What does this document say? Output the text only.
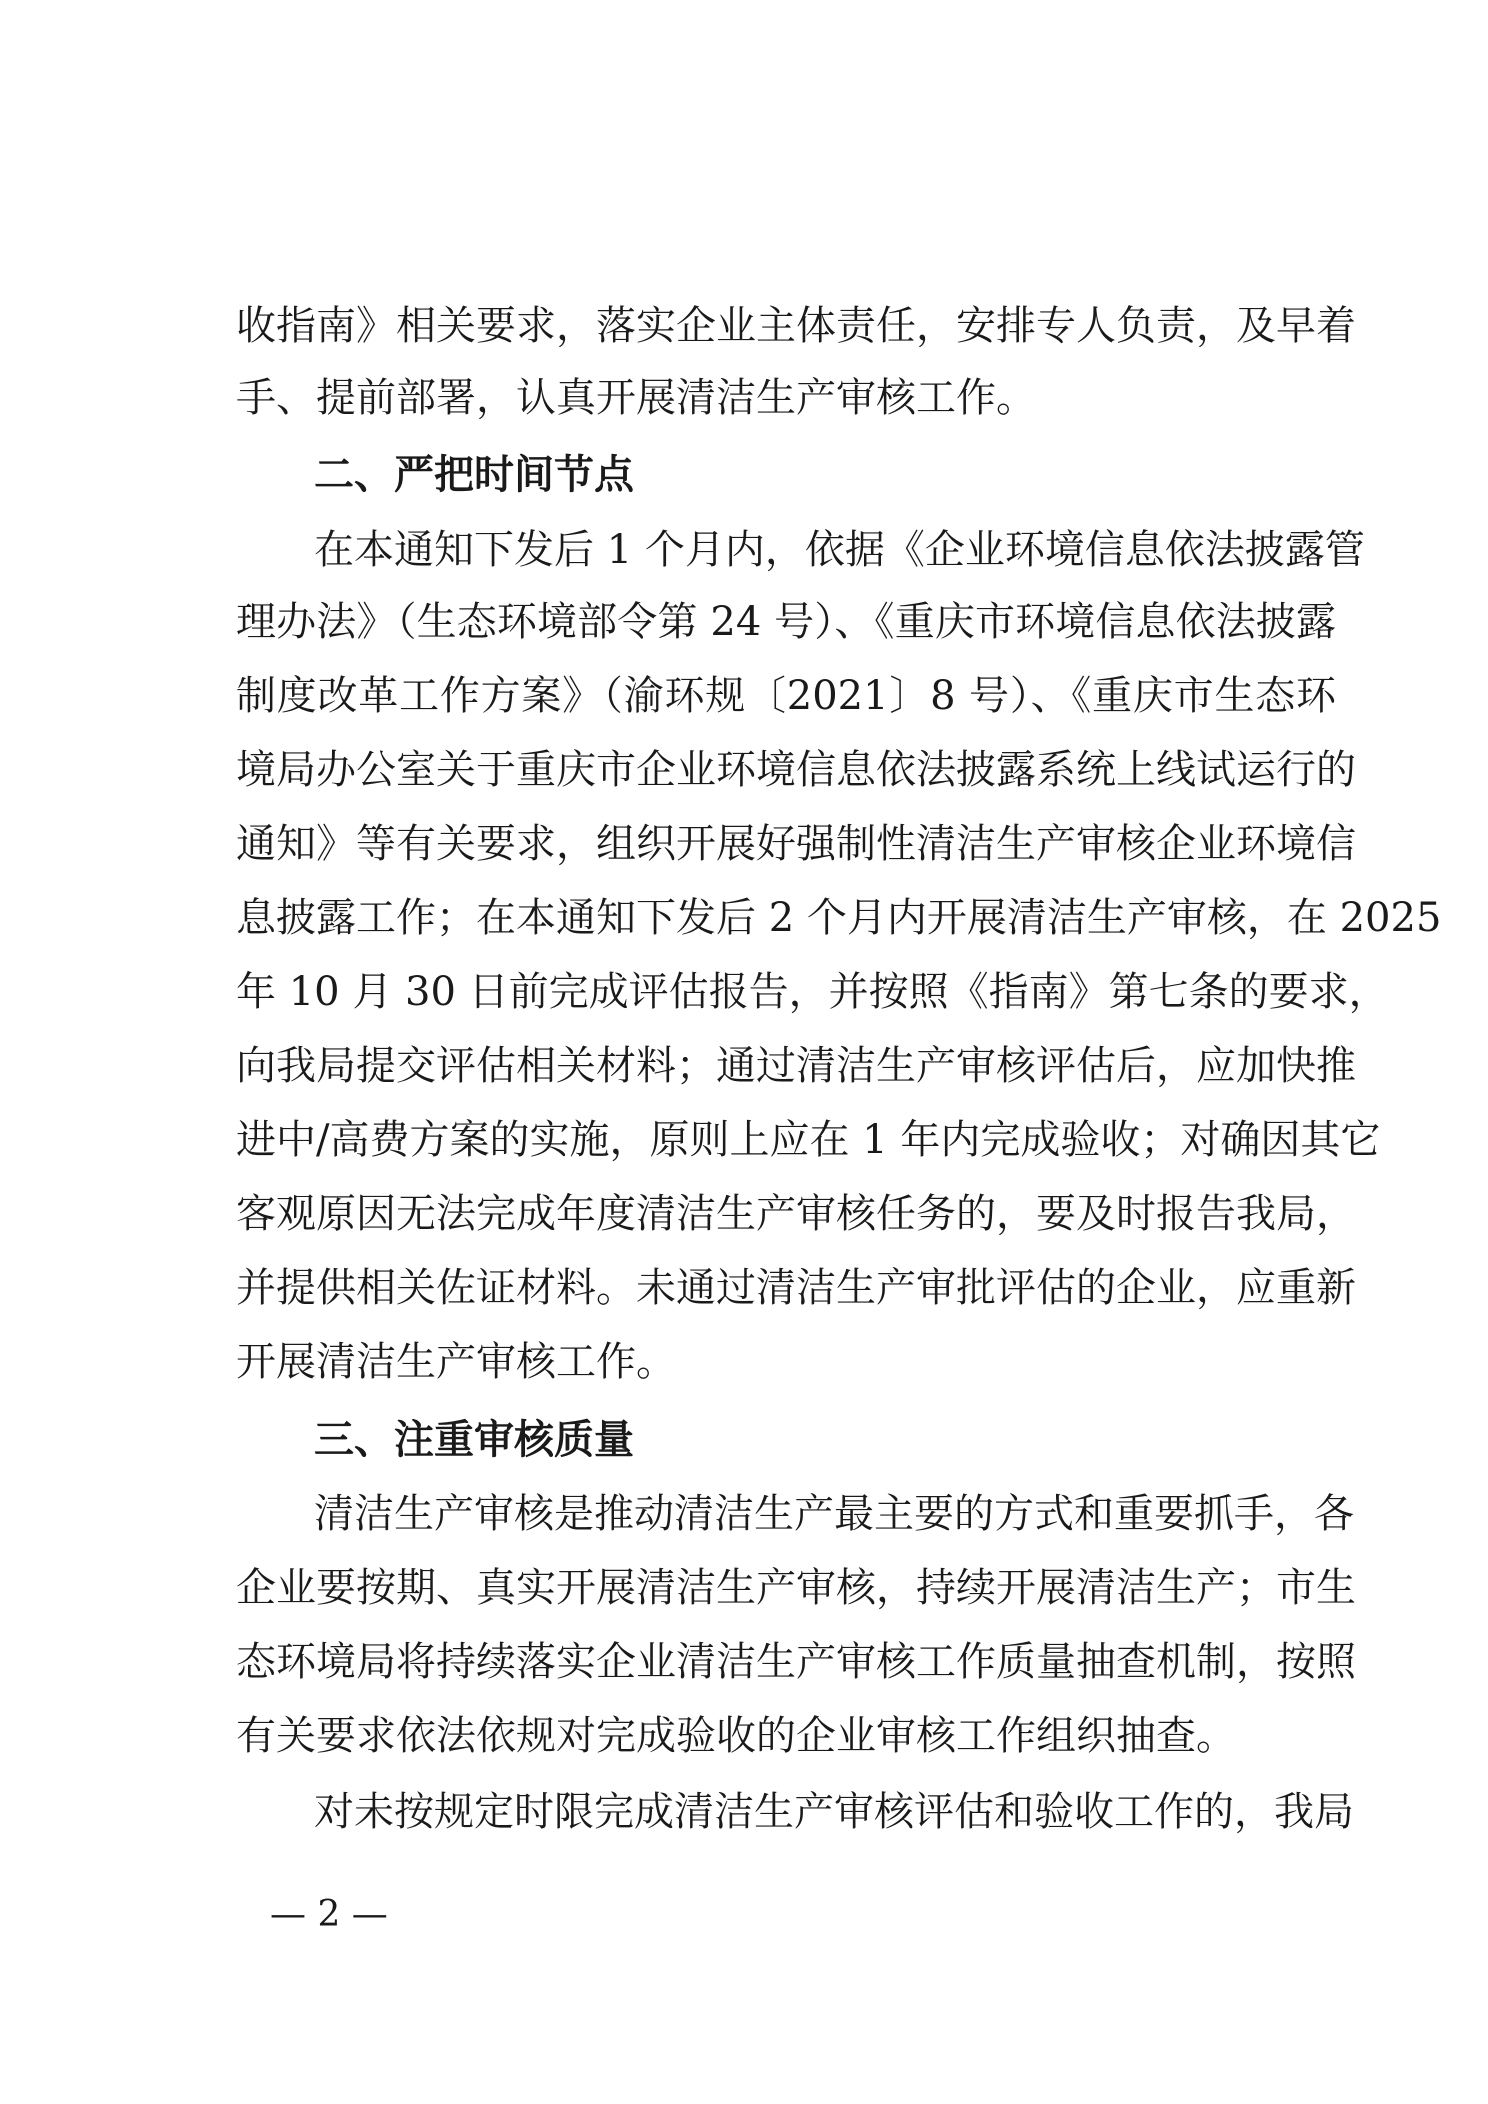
收指南》相关要求，落实企业主体责任，安排专人负责，及早着
手、提前部署，认真开展清洁生产审核工作。
二、严把时间节点
在本通知下发后 1 个月内，依据《企业环境信息依法披露管
理办法》（生态环境部令第 24 号）、《重庆市环境信息依法披露
制度改革工作方案》（渝环规〔2021〕8 号）、《重庆市生态环
境局办公室关于重庆市企业环境信息依法披露系统上线试运行的
通知》等有关要求，组织开展好强制性清洁生产审核企业环境信
息披露工作；在本通知下发后 2 个月内开展清洁生产审核，在 2025
年 10 月 30 日前完成评估报告，并按照《指南》第七条的要求，
向我局提交评估相关材料；通过清洁生产审核评估后，应加快推
进中/高费方案的实施，原则上应在 1 年内完成验收；对确因其它
客观原因无法完成年度清洁生产审核任务的，要及时报告我局，
并提供相关佐证材料。未通过清洁生产审批评估的企业，应重新
开展清洁生产审核工作。
三、注重审核质量
清洁生产审核是推动清洁生产最主要的方式和重要抓手，各
企业要按期、真实开展清洁生产审核，持续开展清洁生产；市生
态环境局将持续落实企业清洁生产审核工作质量抽查机制，按照
有关要求依法依规对完成验收的企业审核工作组织抽查。
对未按规定时限完成清洁生产审核评估和验收工作的，我局
— 2 —
